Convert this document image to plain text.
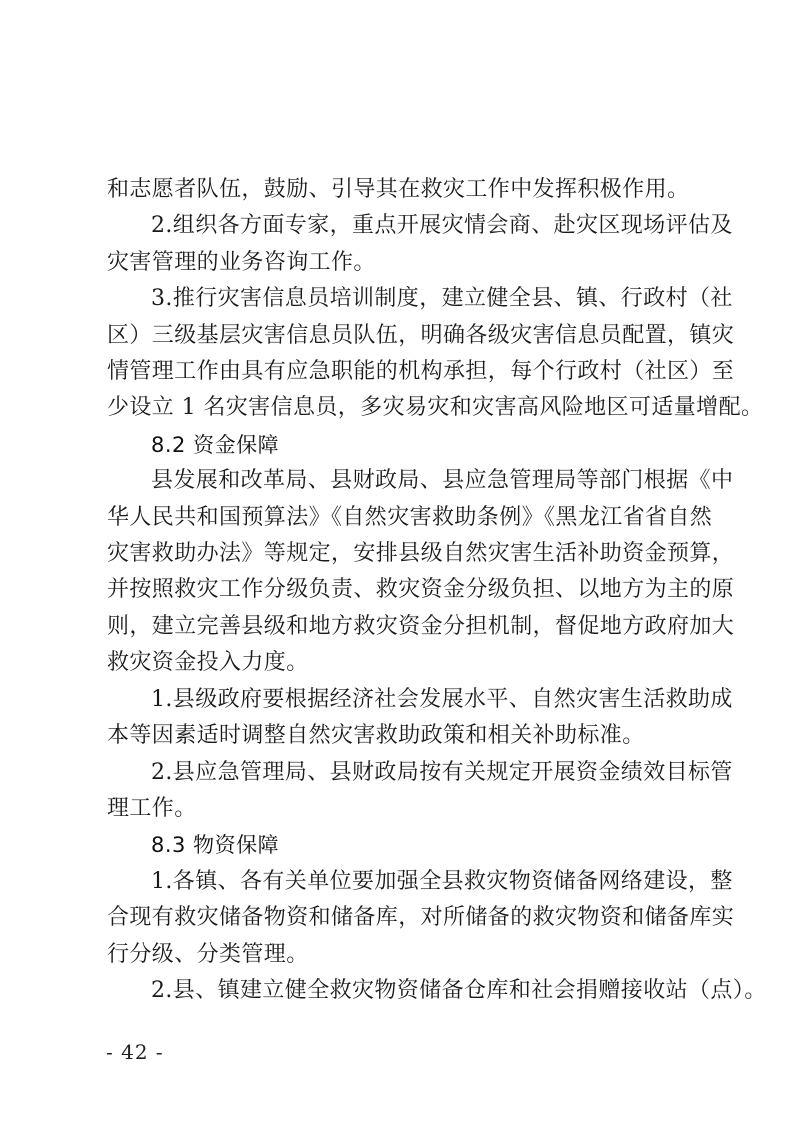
和志愿者队伍，鼓励、引导其在救灾工作中发挥积极作用。
2.组织各方面专家，重点开展灾情会商、赴灾区现场评估及
灾害管理的业务咨询工作。
3.推行灾害信息员培训制度，建立健全县、镇、行政村（社
区）三级基层灾害信息员队伍，明确各级灾害信息员配置，镇灾
情管理工作由具有应急职能的机构承担，每个行政村（社区）至
少设立 1 名灾害信息员，多灾易灾和灾害高风险地区可适量增配。

8.2 资金保障

县发展和改革局、县财政局、县应急管理局等部门根据《中
华人民共和国预算法》《自然灾害救助条例》《黑龙江省省自然
灾害救助办法》等规定，安排县级自然灾害生活补助资金预算，
并按照救灾工作分级负责、救灾资金分级负担、以地方为主的原
则，建立完善县级和地方救灾资金分担机制，督促地方政府加大
救灾资金投入力度。
1.县级政府要根据经济社会发展水平、自然灾害生活救助成
本等因素适时调整自然灾害救助政策和相关补助标准。
2.县应急管理局、县财政局按有关规定开展资金绩效目标管
理工作。

8.3 物资保障

1.各镇、各有关单位要加强全县救灾物资储备网络建设，整
合现有救灾储备物资和储备库，对所储备的救灾物资和储备库实
行分级、分类管理。
2.县、镇建立健全救灾物资储备仓库和社会捐赠接收站（点）。
- 42 -
